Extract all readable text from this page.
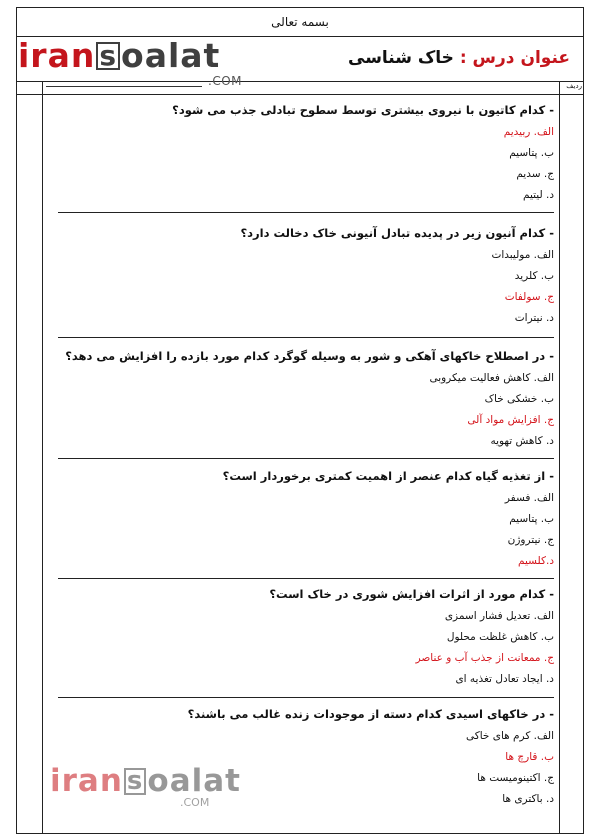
بسمه تعالی
iran s oalat
.COM
عنوان درس : خاک شناسی
ردیف
- کدام کاتیون با نیروی بیشتری توسط سطوح تبادلی جذب می شود؟
الف. ربیدیم
ب. پتاسیم
ج. سدیم
د. لیتیم
- کدام آنیون زیر در پدیده تبادل آنیونی خاک دخالت دارد؟
الف. مولیبدات
ب. کلرید
ج. سولفات
د. نیترات
- در اصطلاح خاکهای آهکی و شور به وسیله گوگرد کدام مورد بازده را افزایش می دهد؟
الف. کاهش فعالیت میکروبی
ب. خشکی خاک
ج. افزایش مواد آلی
د. کاهش تهویه
- از تغذیه گیاه کدام عنصر از اهمیت کمتری برخوردار است؟
الف. فسفر
ب. پتاسیم
ج. نیتروژن
د.کلسیم
- کدام مورد از اثرات افزایش شوری در خاک است؟
الف. تعدیل فشار اسمزی
ب. کاهش غلظت محلول
ج. ممعانت از جذب آب و عناصر
د. ایجاد تعادل تغذیه ای
- در خاکهای اسیدی کدام دسته از موجودات زنده غالب می باشند؟
الف. کرم های خاکی
ب. قارچ ها
ج. اکتینومیست ها
د. باکتری ها
iran s oalat
.COM
